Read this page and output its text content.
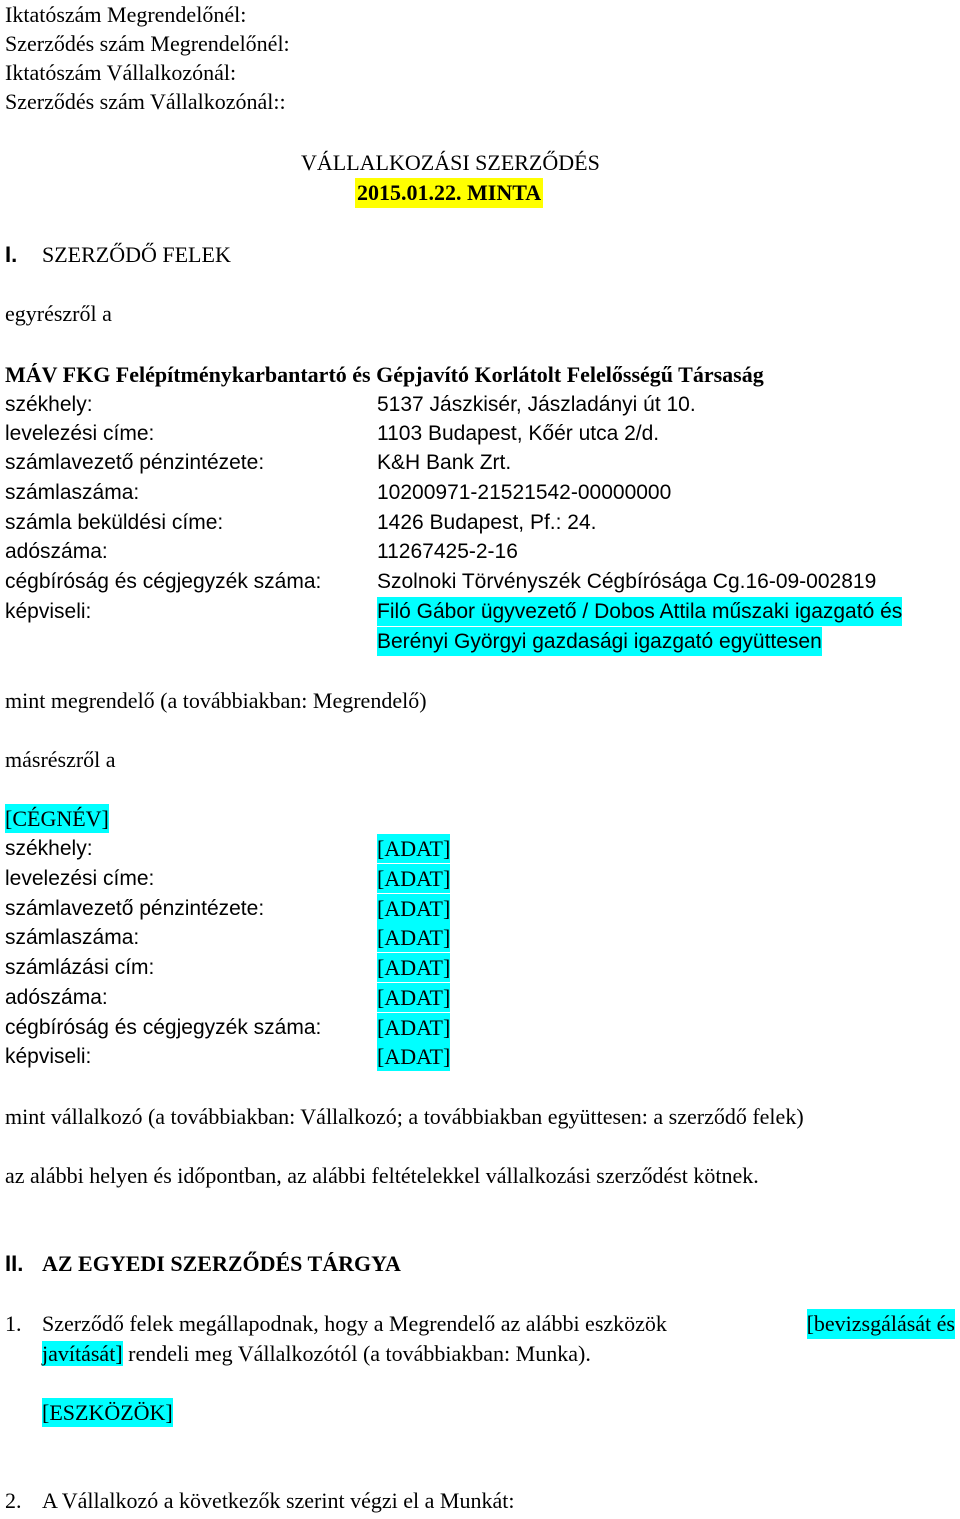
Iktatószám Megrendelőnél:
Szerződés szám Megrendelőnél:
Iktatószám Vállalkozónál:
Szerződés szám Vállalkozónál::
VÁLLALKOZÁSI SZERZŐDÉS
2015.01.22. MINTA
I. SZERZŐDŐ FELEK
egyrészről a
MÁV FKG Felépítménykarbantartó és Gépjavító Korlátolt Felelősségű Társaság
székhely:	5137 Jászkisér, Jászladányi út 10.
levelezési címe:	1103 Budapest, Kőér utca 2/d.
számlavezető pénzintézete:	K&H Bank Zrt.
számlaszáma:	10200971-21521542-00000000
számla beküldési címe:	1426 Budapest, Pf.: 24.
adószáma:	11267425-2-16
cégbíróság és cégjegyzék száma:	Szolnoki Törvényszék Cégbírósága Cg.16-09-002819
képviseli:	Filó Gábor ügyvezető / Dobos Attila műszaki igazgató és
Berényi Györgyi gazdasági igazgató együttesen
mint megrendelő (a továbbiakban: Megrendelő)
másrészről a
[CÉGNÉV]
székhely:	[ADAT]
levelezési címe:	[ADAT]
számlavezető pénzintézete:	[ADAT]
számlaszáma:	[ADAT]
számlázási cím:	[ADAT]
adószáma:	[ADAT]
cégbíróság és cégjegyzék száma:	[ADAT]
képviseli:	[ADAT]
mint vállalkozó (a továbbiakban: Vállalkozó; a továbbiakban együttesen: a szerződő felek)
az alábbi helyen és időpontban, az alábbi feltételekkel vállalkozási szerződést kötnek.
II. AZ EGYEDI SZERZŐDÉS TÁRGYA
1. Szerződő felek megállapodnak, hogy a Megrendelő az alábbi eszközök	[bevizsgálását és
javítását] rendeli meg Vállalkozótól (a továbbiakban: Munka).
[ESZKÖZÖK]
2. A Vállalkozó a következők szerint végzi el a Munkát:
